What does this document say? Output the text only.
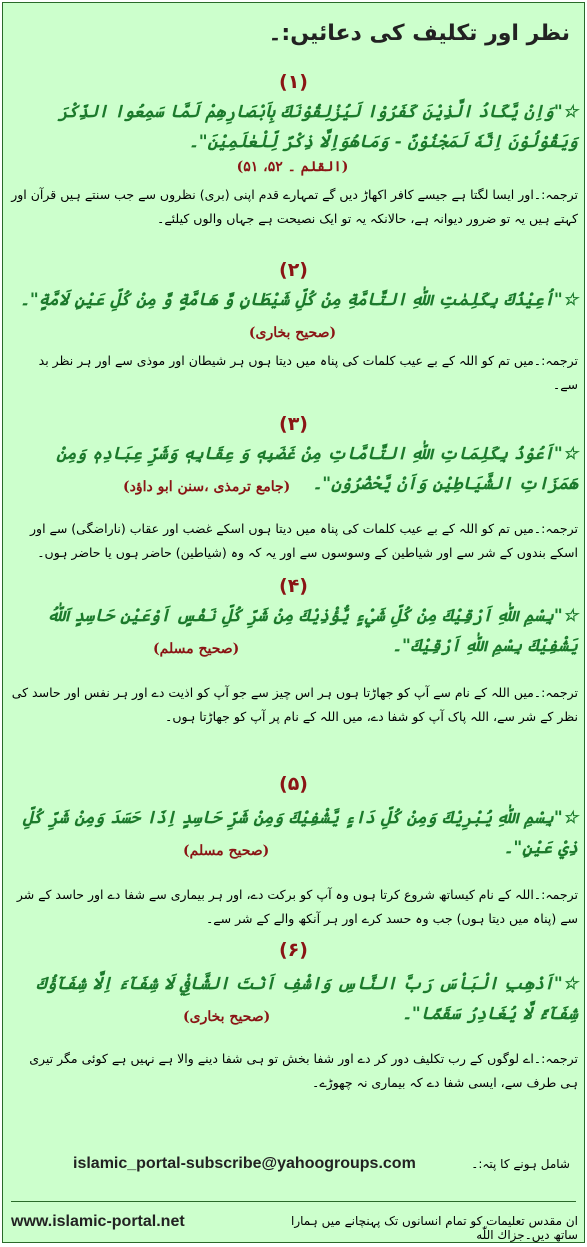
نظر اور تکلیف کی دعائیں:۔
(۱)
☆"وَاِنْ يَّكَادُ الَّذِيْنَ كَفَرُوْا لَيُزْلِقُوْنَكَ بِاَبْصَارِهِمْ لَمَّا سَمِعُوا الذِّكْرَ وَيَقُوْلُوْنَ اِنَّهٗ لَمَجْنُوْنٌ - وَمَاهُوَاِلَّا ذِكْرٌ لِّلْعٰلَمِيْنَ"۔
(القلم ۔ ۵۲، ۵۱)
ترجمہ:۔اور ایسا لگتا ہے جیسے کافر اکھاڑ دیں گے تمہارے قدم اپنی (بری) نظروں سے جب سنتے ہیں قرآن اور کہتے ہیں یہ تو ضرور دیوانہ ہے، حالانکہ یہ تو ایک نصیحت ہے جہاں والوں کیلئے۔
(۲)
☆"اُعِيْذُكَ بِكَلِمٰتِ اللّٰهِ التَّامَّةِ مِنْ كُلِّ شَيْطَانٍ وَّ هَامَّةٍ وَّ مِنْ كُلِّ عَيْنٍ لَامَّةٍ"۔
(صحیح بخاری)
ترجمہ:۔میں تم کو اللہ کے بے عیب کلمات کی پناہ میں دیتا ہوں ہر شیطان اور موذی سے اور ہر نظر بد سے۔
(۳)
☆"اَعُوْذُ بِكَلِمَاتِ اللّٰهِ التَّامَّاتِ مِنْ غَضَبِهٖ وَ عِقَابِهٖ وَشَرِّ عِبَادِهٖ وَمِنْ هَمَزَاتِ الشَّيَاطِيْنِ وَاَنْ يَّحْضُرُوْنِ"۔
(جامع ترمذی ،سنن ابو داؤد)
ترجمہ:۔میں تم کو اللہ کے بے عیب کلمات کی پناہ میں دیتا ہوں اسکے غضب اور عقاب (ناراضگی) سے اور اسکے بندوں کے شر سے اور شیاطین کے وسوسوں سے اور یہ کہ وہ (شیاطین) حاضر ہوں یا حاضر ہوں۔
(۴)
☆"بِسْمِ اللّٰهِ اَرْقِيْكَ مِنْ كُلِّ شَيْءٍ يُّؤْذِيْكَ مِنْ شَرِّ كُلِّ نَفْسٍ اَوْعَيْنِ حَاسِدٍ اَللّٰهُ يَشْفِيْكَ بِسْمِ اللّٰهِ اَرْقِيْكَ"۔
(صحیح مسلم)
ترجمہ:۔میں اللہ کے نام سے آپ کو جھاڑتا ہوں ہر اس چیز سے جو آپ کو اذیت دے اور ہر نفس اور حاسد کی نظر کے شر سے، اللہ پاک آپ کو شفا دے، میں اللہ کے نام پر آپ کو جھاڑتا ہوں۔
(۵)
☆"بِسْمِ اللّٰهِ يُبْرِيْكَ وَمِنْ كُلِّ دَاءٍ يَّشْفِيْكَ وَمِنْ شَرِّ حَاسِدٍ اِذَا حَسَدَ وَمِنْ شَرِّ كُلِّ ذِيْ عَيْنٍ"۔
(صحیح مسلم)
ترجمہ:۔اللہ کے نام کیساتھ شروع کرتا ہوں وہ آپ کو برکت دے، اور ہر بیماری سے شفا دے اور حاسد کے شر سے (پناہ میں دیتا ہوں) جب وہ حسد کرے اور ہر آنکھ والے کے شر سے۔
(۶)
☆"اَذْهِبِ الْبَاْسَ رَبَّ النَّاسِ وَاشْفِ اَنْتَ الشَّافِيْ لَا شِفَآءَ اِلَّا شِفَآؤُكَ شِفَآءً لَّا يُغَادِرُ سَقَمًا"۔
(صحیح بخاری)
ترجمہ:۔اے لوگوں کے رب تکلیف دور کر دے اور شفا بخش تو ہی شفا دینے والا ہے نہیں ہے کوئی مگر تیری ہی طرف سے، ایسی شفا دے کہ بیماری نہ چھوڑے۔
شامل ہونے کا پتہ:۔
islamic_portal-subscribe@yahoogroups.com
www.islamic-portal.net	ان مقدس تعلیمات کو تمام انسانوں تک پہنچانے میں ہمارا ساتھ دیں۔جزاك اللّٰه
